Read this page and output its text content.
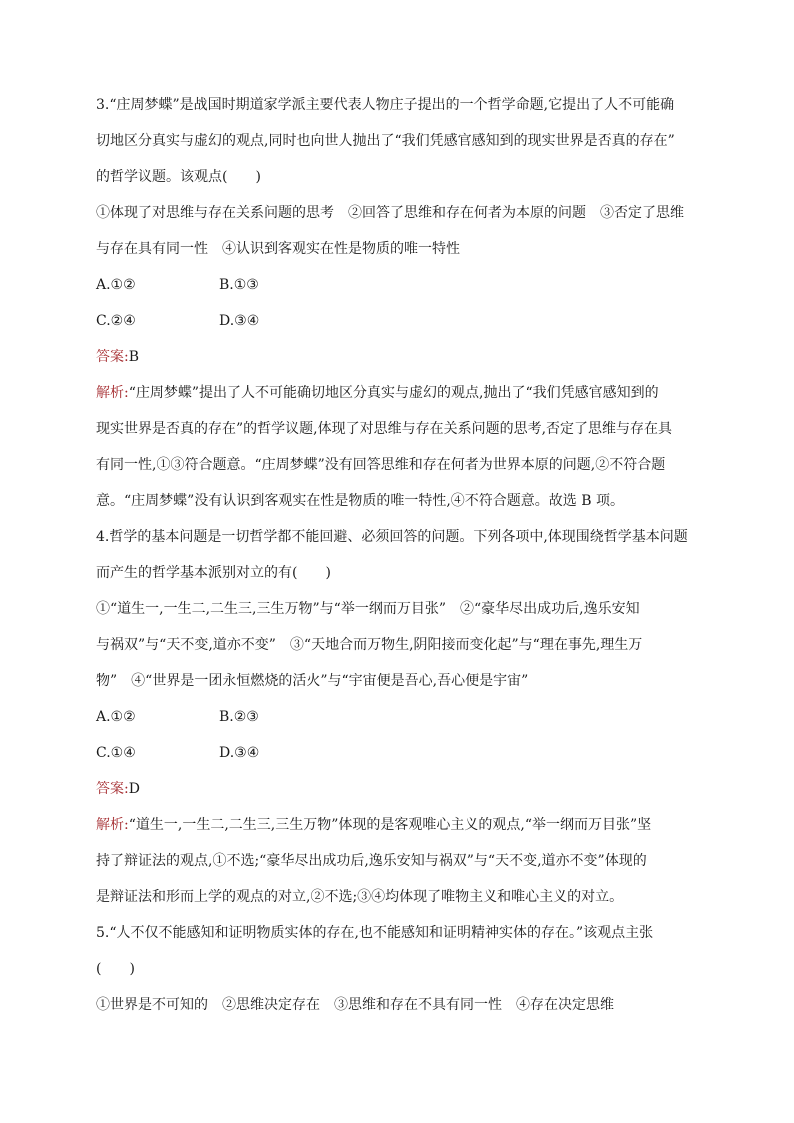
3.“庄周梦蝶”是战国时期道家学派主要代表人物庄子提出的一个哲学命题,它提出了人不可能确

切地区分真实与虚幻的观点,同时也向世人抛出了“我们凭感官感知到的现实世界是否真的存在”

的哲学议题。该观点(　　)

①体现了对思维与存在关系问题的思考　②回答了思维和存在何者为本原的问题　③否定了思维

与存在具有同一性　④认识到客观实在性是物质的唯一特性

A.①②	B.①③
C.②④	D.③④

答案:B

解析:“庄周梦蝶”提出了人不可能确切地区分真实与虚幻的观点,抛出了“我们凭感官感知到的

现实世界是否真的存在”的哲学议题,体现了对思维与存在关系问题的思考,否定了思维与存在具

有同一性,①③符合题意。“庄周梦蝶”没有回答思维和存在何者为世界本原的问题,②不符合题

意。“庄周梦蝶”没有认识到客观实在性是物质的唯一特性,④不符合题意。故选 B 项。

4.哲学的基本问题是一切哲学都不能回避、必须回答的问题。下列各项中,体现围绕哲学基本问题

而产生的哲学基本派别对立的有(　　)

①“道生一,一生二,二生三,三生万物”与“举一纲而万目张”　②“豪华尽出成功后,逸乐安知

与祸双”与“天不变,道亦不变”　③“天地合而万物生,阴阳接而变化起”与“理在事先,理生万

物”　④“世界是一团永恒燃烧的活火”与“宇宙便是吾心,吾心便是宇宙”

A.①②	B.②③
C.①④	D.③④

答案:D

解析:“道生一,一生二,二生三,三生万物”体现的是客观唯心主义的观点,“举一纲而万目张”坚

持了辩证法的观点,①不选;“豪华尽出成功后,逸乐安知与祸双”与“天不变,道亦不变”体现的

是辩证法和形而上学的观点的对立,②不选;③④均体现了唯物主义和唯心主义的对立。

5.“人不仅不能感知和证明物质实体的存在,也不能感知和证明精神实体的存在。”该观点主张

(　　)

①世界是不可知的　②思维决定存在　③思维和存在不具有同一性　④存在决定思维
